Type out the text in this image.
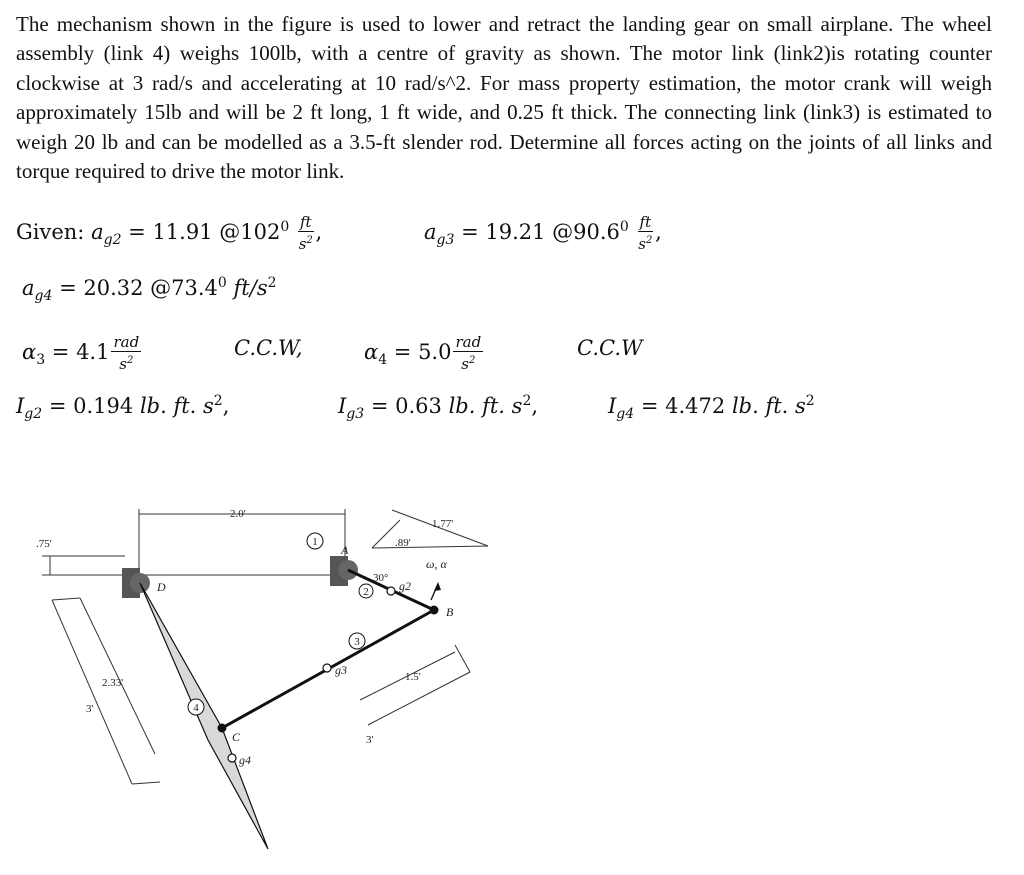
The mechanism shown in the figure is used to lower and retract the landing gear on small airplane. The wheel assembly (link 4) weighs 100lb, with a centre of gravity as shown. The motor link (link2)is rotating counter clockwise at 3 rad/s and accelerating at 10 rad/s^2. For mass property estimation, the motor crank will weigh approximately 15lb and will be 2 ft long, 1 ft wide, and 0.25 ft thick. The connecting link (link3) is estimated to weigh 20 lb and can be modelled as a 3.5-ft slender rod. Determine all forces acting on the joints of all links and torque required to drive the motor link.

Given: $a_{g2} = 11.91$ $@102^0 \frac{ft}{s^2}$ ,	$a_{g3} = 19.21$ @90.6$^0$ $\frac{ft}{s^2}$ ,
$a_{g4} = 20.32$ @73.4$^0$ $ft/s^2$
$\alpha_3 = 4.1 \frac{\text{rad}}{s^2}$	C.C.W,	$\alpha_4 = 5.0 \frac{\text{rad}}{s^2}$	C.C.W
$I_{g2} = 0.194$ lb. ft. $s^2$,	$I_{g3} = 0.63$ lb. ft. $s^2$,	$I_{g4} = 4.472$ lb. ft. $s^2$
1
2
3
4
2.0'
.75'	.89'
1.77'
1.5'
3'
2.33'
3'
30°
ω, α
A
B
C
D	g2
g3
g4
